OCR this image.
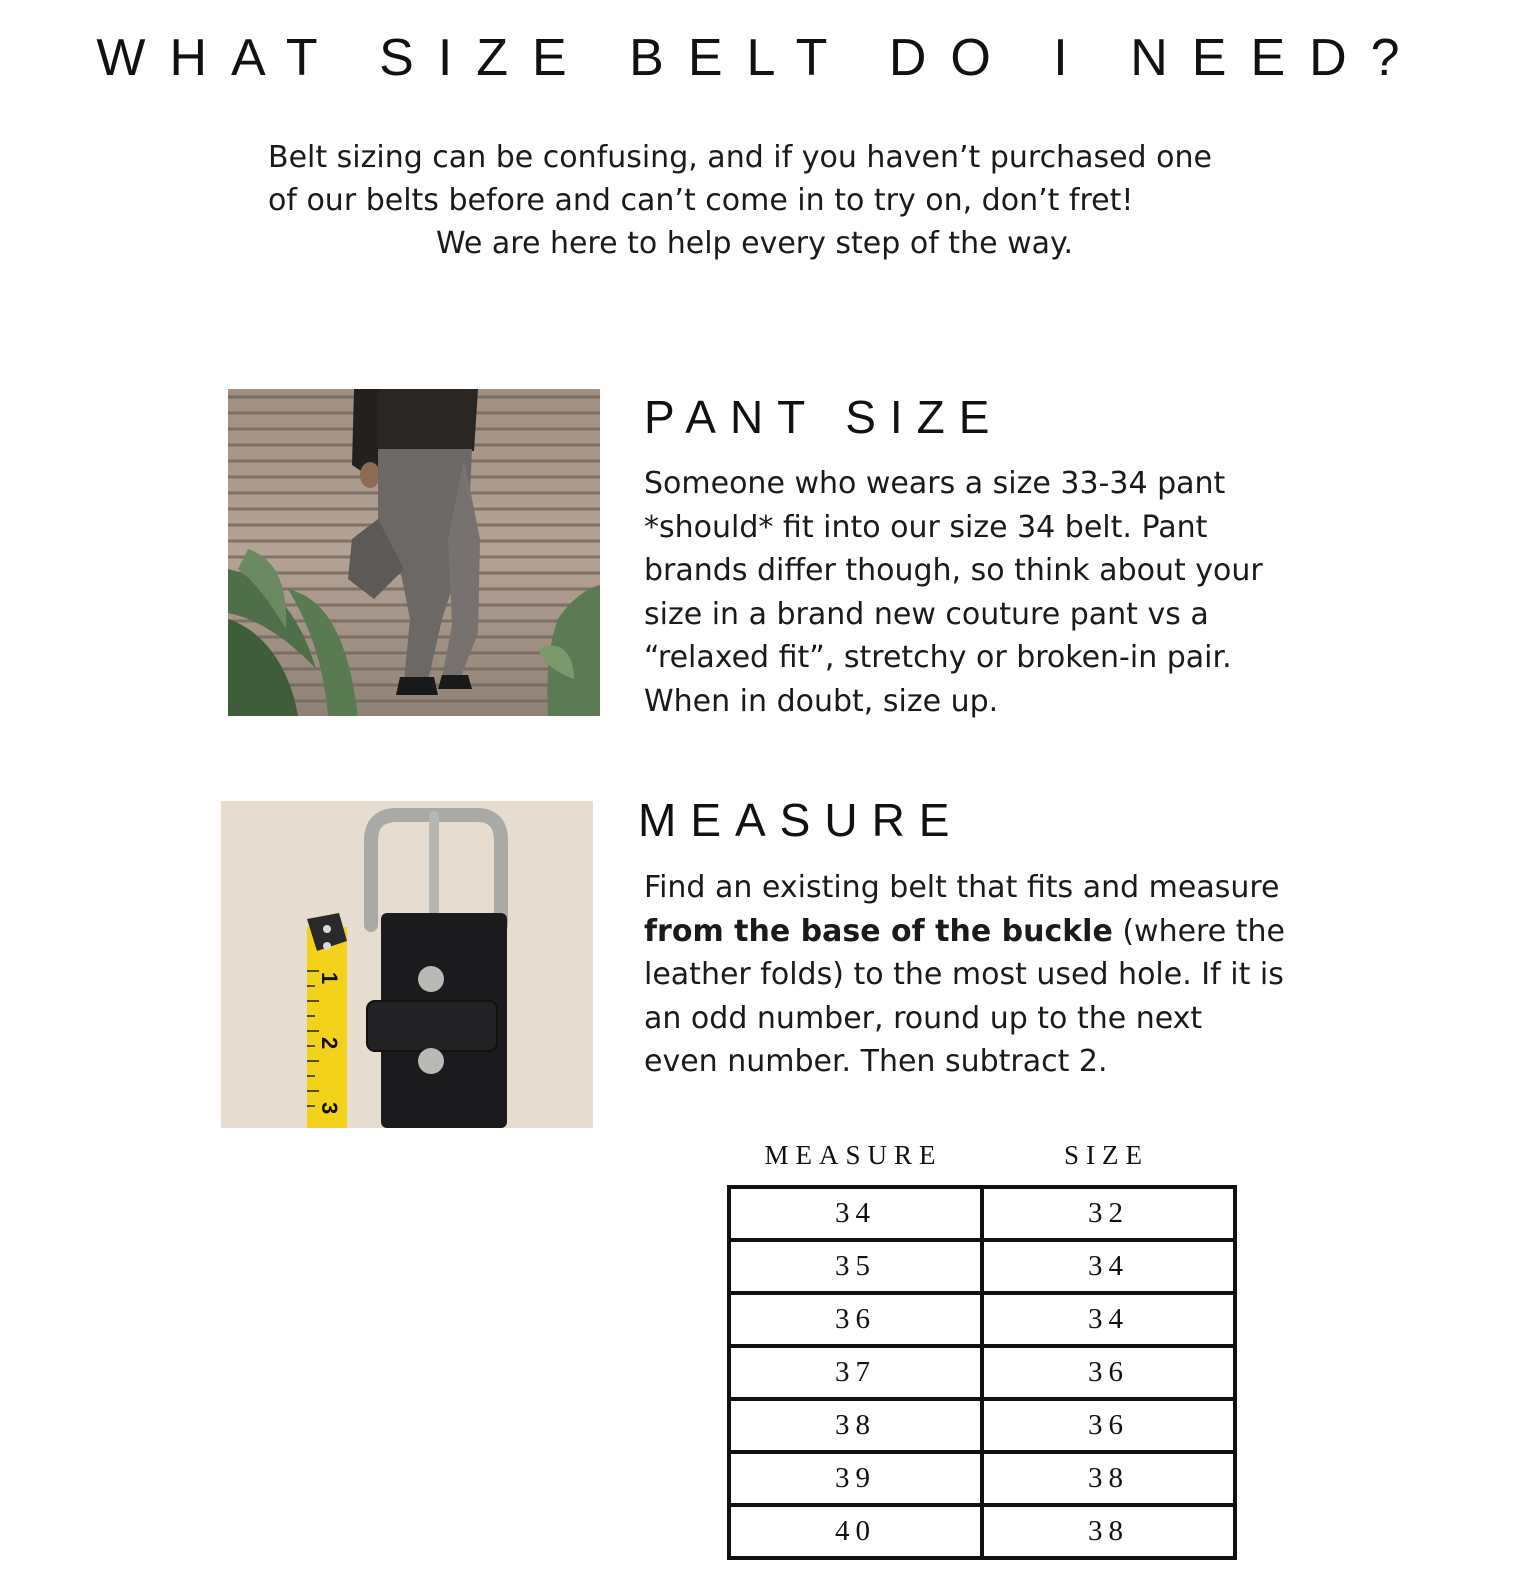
WHAT SIZE BELT DO I NEED?

Belt sizing can be confusing, and if you haven’t purchased one
of our belts before and can’t come in to try on, don’t fret!
We are here to help every step of the way.

PANT SIZE

Someone who wears a size 33-34 pant
*should* fit into our size 34 belt. Pant
brands differ though, so think about your
size in a brand new couture pant vs a
“relaxed fit”, stretchy or broken-in pair.
When in doubt, size up.

1
2
3
MEASURE

Find an existing belt that fits and measure
from the base of the buckle (where the
leather folds) to the most used hole. If it is
an odd number, round up to the next
even number. Then subtract 2.

MEASURE	SIZE
34	32
35	34
36	34
37	36
38	36
39	38
40	38
